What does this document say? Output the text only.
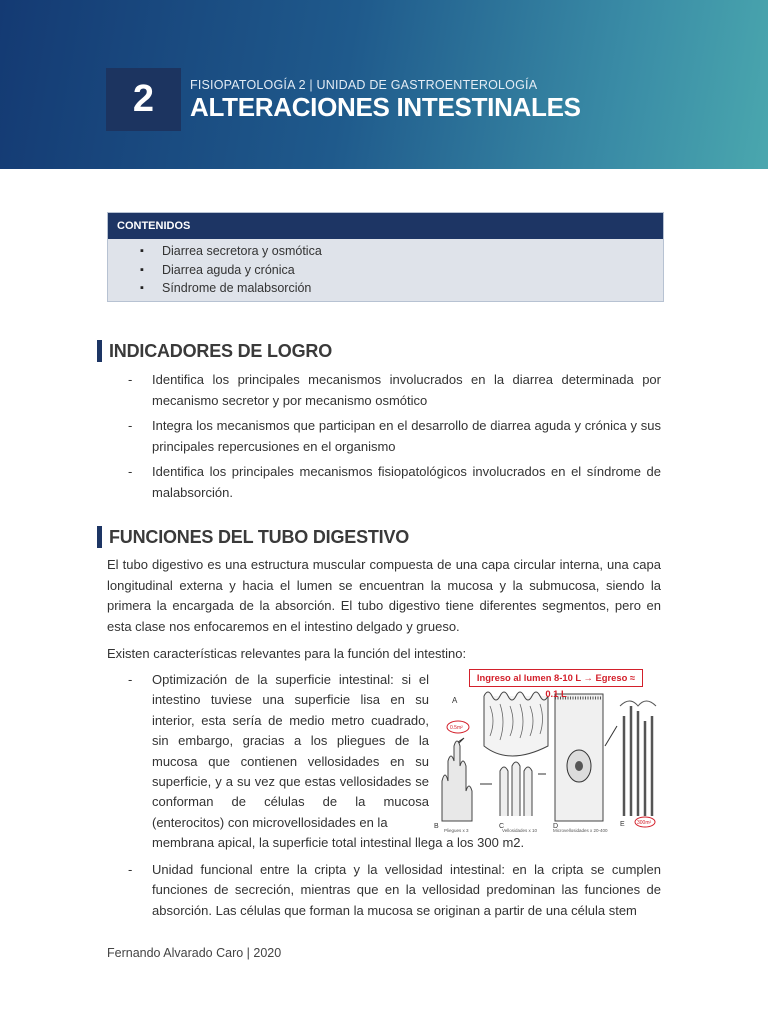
2	FISIOPATOLOGÍA 2 | UNIDAD DE GASTROENTEROLOGÍA
ALTERACIONES INTESTINALES
CONTENIDOS
▪ Diarrea secretora y osmótica
▪ Diarrea aguda y crónica
▪ Síndrome de malabsorción
INDICADORES DE LOGRO
- Identifica los principales mecanismos involucrados en la diarrea determinada por mecanismo secretor y por mecanismo osmótico
- Integra los mecanismos que participan en el desarrollo de diarrea aguda y crónica y sus principales repercusiones en el organismo
- Identifica los principales mecanismos fisiopatológicos involucrados en el síndrome de malabsorción.
FUNCIONES DEL TUBO DIGESTIVO

El tubo digestivo es una estructura muscular compuesta de una capa circular interna, una capa longitudinal externa y hacia el lumen se encuentran la mucosa y la submucosa, siendo la primera la encargada de la absorción. El tubo digestivo tiene diferentes segmentos, pero en esta clase nos enfocaremos en el intestino delgado y grueso.

Existen características relevantes para la función del intestino:

- Optimización de la superficie intestinal: si el intestino tuviese una superficie lisa en su interior, esta sería de medio metro cuadrado, sin embargo, gracias a los pliegues de la mucosa que contienen vellosidades en su superficie, y a su vez que estas vellosidades se conforman de células de la mucosa (enterocitos) con microvellosidades en la
membrana apical, la superficie total intestinal llega a los 300 m2.
A
0.5m²
B
Pliegues x 3
C
Vellosidades x 10
D
Microvellosidades x 20-400
E 300m²
Ingreso al lumen 8-10 L → Egreso ≈ 0.1 L
- Unidad funcional entre la cripta y la vellosidad intestinal: en la cripta se cumplen funciones de secreción, mientras que en la vellosidad predominan las funciones de absorción. Las células que forman la mucosa se originan a partir de una célula stem
Fernando Alvarado Caro | 2020
